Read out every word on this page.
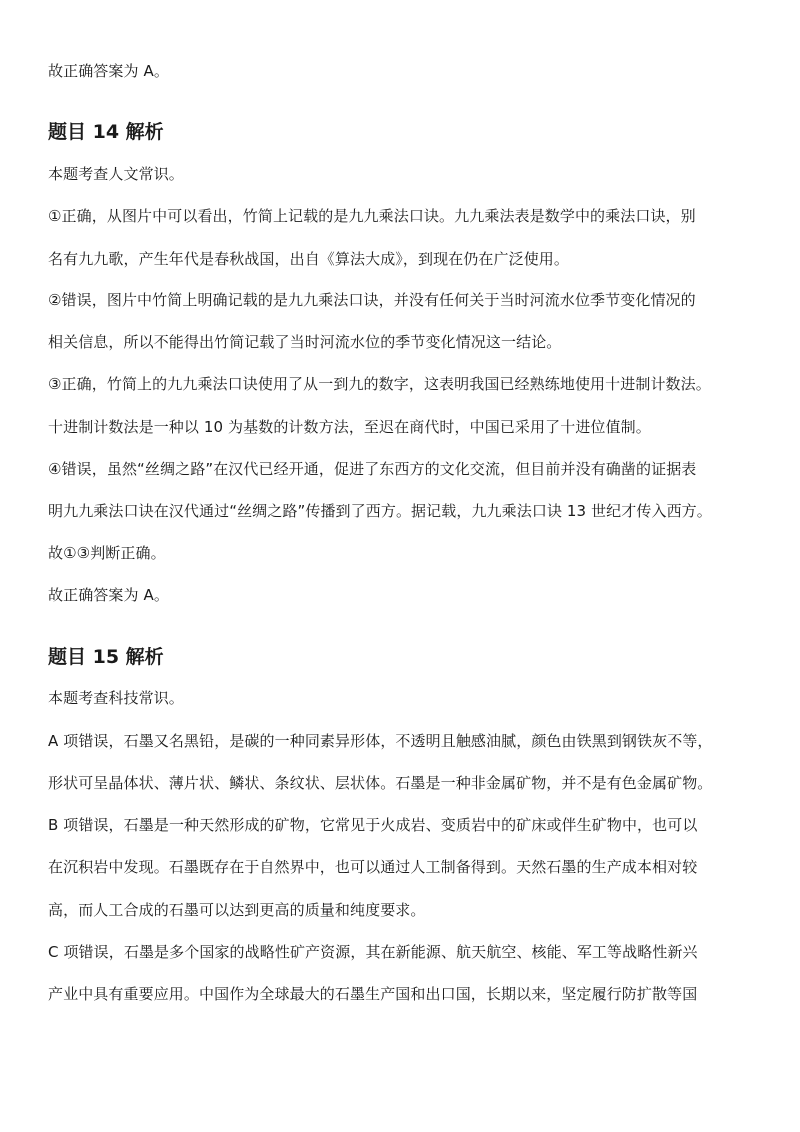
故正确答案为 A。
题目 14 解析
本题考查人文常识。
①正确，从图片中可以看出，竹简上记载的是九九乘法口诀。九九乘法表是数学中的乘法口诀，别
名有九九歌，产生年代是春秋战国，出自《算法大成》，到现在仍在广泛使用。
②错误，图片中竹简上明确记载的是九九乘法口诀，并没有任何关于当时河流水位季节变化情况的
相关信息，所以不能得出竹简记载了当时河流水位的季节变化情况这一结论。
③正确，竹简上的九九乘法口诀使用了从一到九的数字，这表明我国已经熟练地使用十进制计数法。
十进制计数法是一种以 10 为基数的计数方法，至迟在商代时，中国已采用了十进位值制。
④错误，虽然“丝绸之路”在汉代已经开通，促进了东西方的文化交流，但目前并没有确凿的证据表
明九九乘法口诀在汉代通过“丝绸之路”传播到了西方。据记载，九九乘法口诀 13 世纪才传入西方。
故①③判断正确。
故正确答案为 A。
题目 15 解析
本题考查科技常识。
A 项错误，石墨又名黑铅，是碳的一种同素异形体，不透明且触感油腻，颜色由铁黑到钢铁灰不等，
形状可呈晶体状、薄片状、鳞状、条纹状、层状体。石墨是一种非金属矿物，并不是有色金属矿物。
B 项错误，石墨是一种天然形成的矿物，它常见于火成岩、变质岩中的矿床或伴生矿物中，也可以
在沉积岩中发现。石墨既存在于自然界中，也可以通过人工制备得到。天然石墨的生产成本相对较
高，而人工合成的石墨可以达到更高的质量和纯度要求。
C 项错误，石墨是多个国家的战略性矿产资源，其在新能源、航天航空、核能、军工等战略性新兴
产业中具有重要应用。中国作为全球最大的石墨生产国和出口国，长期以来，坚定履行防扩散等国
